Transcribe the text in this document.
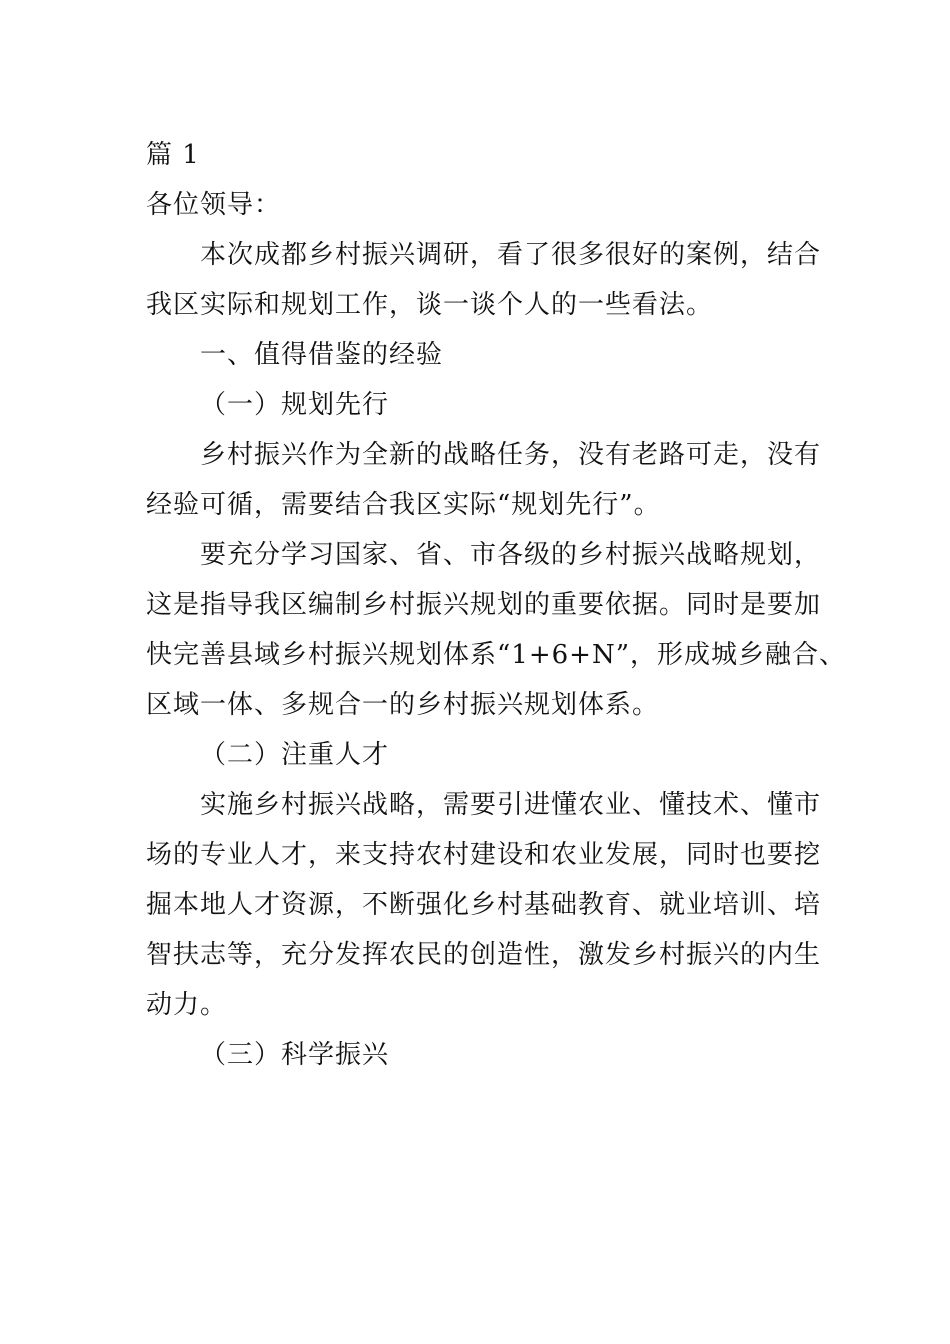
篇 1
各位领导：
本次成都乡村振兴调研，看了很多很好的案例，结合
我区实际和规划工作，谈一谈个人的一些看法。
一、值得借鉴的经验
（一）规划先行
乡村振兴作为全新的战略任务，没有老路可走，没有
经验可循，需要结合我区实际“规划先行”。
要充分学习国家、省、市各级的乡村振兴战略规划，
这是指导我区编制乡村振兴规划的重要依据。同时是要加
快完善县域乡村振兴规划体系“1+6+N”，形成城乡融合、
区域一体、多规合一的乡村振兴规划体系。
（二）注重人才
实施乡村振兴战略，需要引进懂农业、懂技术、懂市
场的专业人才，来支持农村建设和农业发展，同时也要挖
掘本地人才资源，不断强化乡村基础教育、就业培训、培
智扶志等，充分发挥农民的创造性，激发乡村振兴的内生
动力。
（三）科学振兴
